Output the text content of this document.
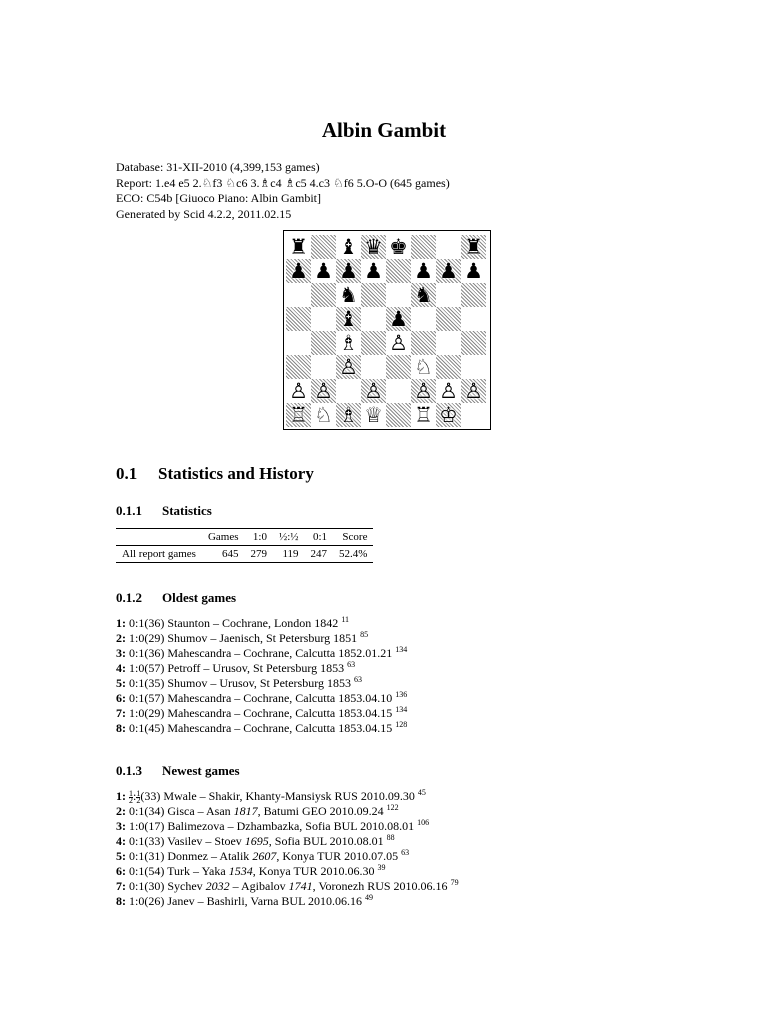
Albin Gambit
Database: 31-XII-2010 (4,399,153 games)
Report: 1.e4 e5 2.♘f3 ♘c6 3.♗c4 ♗c5 4.c3 ♘f6 5.O-O (645 games)
ECO: C54b [Giuoco Piano: Albin Gambit]
Generated by Scid 4.2.2, 2011.02.15
♜ ♝ ♛ ♚	♜
♟ ♟ ♟ ♟ ♟ ♟ ♟
♞	♞
♝ ♟
♗ ♙
♙	♘
♙ ♙ ♙ ♙ ♙ ♙
♖ ♘ ♗ ♕ ♖ ♔
0.1 Statistics and History
0.1.1 Statistics
	Games	1:0	½:½	0:1	Score
All report games	645	279	119	247	52.4%
0.1.2 Oldest games
1: 0:1(36) Staunton – Cochrane, London 1842 $^{11}$
2: 1:0(29) Shumov – Jaenisch, St Petersburg 1851 $^{85}$
3: 0:1(36) Mahescandra – Cochrane, Calcutta 1852.01.21 $^{134}$
4: 1:0(57) Petroff – Urusov, St Petersburg 1853 $^{63}$
5: 0:1(35) Shumov – Urusov, St Petersburg 1853 $^{63}$
6: 0:1(57) Mahescandra – Cochrane, Calcutta 1853.04.10 $^{136}$
7: 1:0(29) Mahescandra – Cochrane, Calcutta 1853.04.15 $^{134}$
8: 0:1(45) Mahescandra – Cochrane, Calcutta 1853.04.15 $^{128}$
0.1.3 Newest games
1: $\frac{1}{2}$ : $\frac{1}{2} (33)$ Mwale – Shakir, Khanty-Mansiysk RUS 2010.09.30 $^{45}$
2: 0:1(34) Gisca – Asan 1817, Batumi GEO 2010.09.24 $^{122}$
3: 1:0(17) Balimezova – Dzhambazka, Sofia BUL 2010.08.01 $^{106}$
4: 0:1(33) Vasilev – Stoev 1695, Sofia BUL 2010.08.01 $^{88}$
5: 0:1(31) Donmez – Atalik 2607, Konya TUR 2010.07.05 $^{63}$
6: 0:1(54) Turk – Yaka 1534, Konya TUR 2010.06.30 $^{39}$
7: 0:1(30) Sychev 2032 – Agibalov 1741, Voronezh RUS 2010.06.16 $^{79}$
8: 1:0(26) Janev – Bashirli, Varna BUL 2010.06.16 $^{49}$
